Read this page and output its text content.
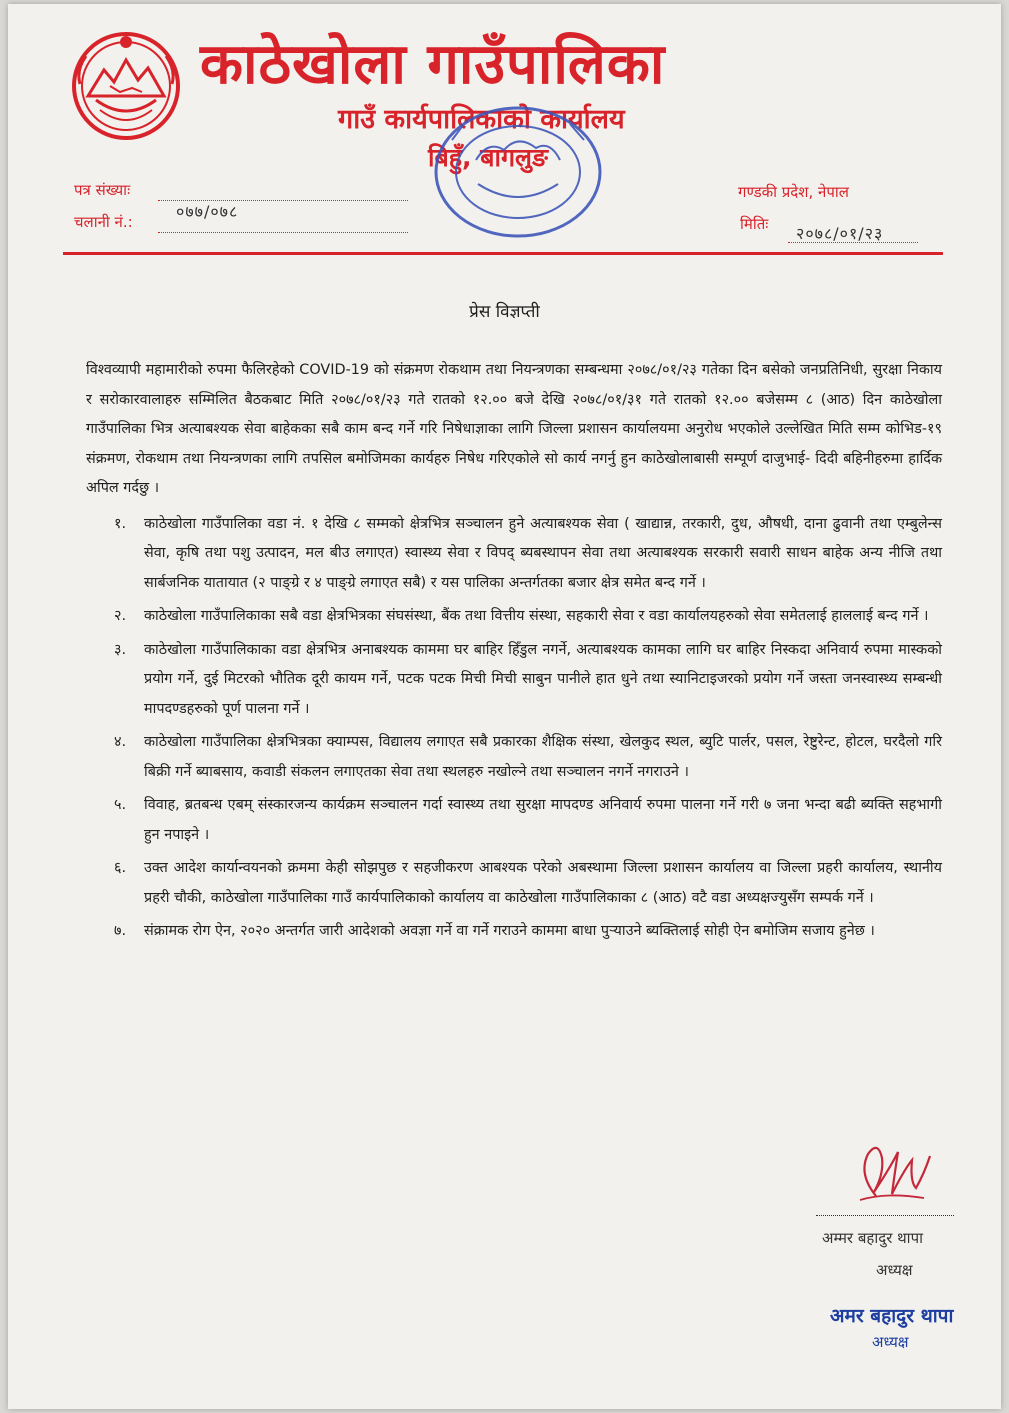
काठेखोला गाउँपालिका
गाउँ कार्यपालिकाको कार्यालय
बिहुँ, बागलुङ
पत्र संख्याः
चलानी नं.:
०७७/०७८
गण्डकी प्रदेश, नेपाल
मितिः २०७८/०१/२३
प्रेस विज्ञप्ती

विश्वव्यापी महामारीको रुपमा फैलिरहेको COVID-19 को संक्रमण रोकथाम तथा नियन्त्रणका सम्बन्धमा २०७८/०१/२३ गतेका दिन बसेको जनप्रतिनिधी, सुरक्षा निकाय र सरोकारवालाहरु सम्मिलित बैठकबाट मिति २०७८/०१/२३ गते रातको १२.०० बजे देखि २०७८/०१/३१ गते रातको १२.०० बजेसम्म ८ (आठ) दिन काठेखोला गाउँपालिका भित्र अत्याबश्यक सेवा बाहेकका सबै काम बन्द गर्ने गरि निषेधाज्ञाका लागि जिल्ला प्रशासन कार्यालयमा अनुरोध भएकोले उल्लेखित मिति सम्म कोभिड-१९ संक्रमण, रोकथाम तथा नियन्त्रणका लागि तपसिल बमोजिमका कार्यहरु निषेध गरिएकोले सो कार्य नगर्नु हुन काठेखोलाबासी सम्पूर्ण दाजुभाई- दिदी बहिनीहरुमा हार्दिक अपिल गर्दछु ।

१.	काठेखोला गाउँपालिका वडा नं. १ देखि ८ सम्मको क्षेत्रभित्र सञ्चालन हुने अत्याबश्यक सेवा ( खाद्यान्न, तरकारी, दुध, औषधी, दाना ढुवानी तथा एम्बुलेन्स सेवा, कृषि तथा पशु उत्पादन, मल बीउ लगाएत) स्वास्थ्य सेवा र विपद् ब्यबस्थापन सेवा तथा अत्याबश्यक सरकारी सवारी साधन बाहेक अन्य नीजि तथा सार्बजनिक यातायात (२ पाङ्ग्रे र ४ पाङ्ग्रे लगाएत सबै) र यस पालिका अन्तर्गतका बजार क्षेत्र समेत बन्द गर्ने ।
२.	काठेखोला गाउँपालिकाका सबै वडा क्षेत्रभित्रका संघसंस्था, बैंक तथा वित्तीय संस्था, सहकारी सेवा र वडा कार्यालयहरुको सेवा समेतलाई हाललाई बन्द गर्ने ।
३.	काठेखोला गाउँपालिकाका वडा क्षेत्रभित्र अनाबश्यक काममा घर बाहिर हिँडुल नगर्ने, अत्याबश्यक कामका लागि घर बाहिर निस्कदा अनिवार्य रुपमा मास्कको प्रयोग गर्ने, दुई मिटरको भौतिक दूरी कायम गर्ने, पटक पटक मिची मिची साबुन पानीले हात धुने तथा स्यानिटाइजरको प्रयोग गर्ने जस्ता जनस्वास्थ्य सम्बन्धी मापदण्डहरुको पूर्ण पालना गर्ने ।
४.	काठेखोला गाउँपालिका क्षेत्रभित्रका क्याम्पस, विद्यालय लगाएत सबै प्रकारका शैक्षिक संस्था, खेलकुद स्थल, ब्युटि पार्लर, पसल, रेष्टुरेन्ट, होटल, घरदैलो गरि बिक्री गर्ने ब्याबसाय, कवाडी संकलन लगाएतका सेवा तथा स्थलहरु नखोल्ने तथा सञ्चालन नगर्ने नगराउने ।
५.	विवाह, ब्रतबन्ध एबम् संस्कारजन्य कार्यक्रम सञ्चालन गर्दा स्वास्थ्य तथा सुरक्षा मापदण्ड अनिवार्य रुपमा पालना गर्ने गरी ७ जना भन्दा बढी ब्यक्ति सहभागी हुन नपाइने ।
६.	उक्त आदेश कार्यान्वयनको क्रममा केही सोझपुछ र सहजीकरण आबश्यक परेको अबस्थामा जिल्ला प्रशासन कार्यालय वा जिल्ला प्रहरी कार्यालय, स्थानीय प्रहरी चौकी, काठेखोला गाउँपालिका गाउँ कार्यपालिकाको कार्यालय वा काठेखोला गाउँपालिकाका ८ (आठ) वटै वडा अध्यक्षज्युसँग सम्पर्क गर्ने ।
७.	संक्रामक रोग ऐन, २०२० अन्तर्गत जारी आदेशको अवज्ञा गर्ने वा गर्ने गराउने काममा बाधा पुऱ्याउने ब्यक्तिलाई सोही ऐन बमोजिम सजाय हुनेछ ।
अम्मर बहादुर थापा
अध्यक्ष
अमर बहादुर थापा
अध्यक्ष
